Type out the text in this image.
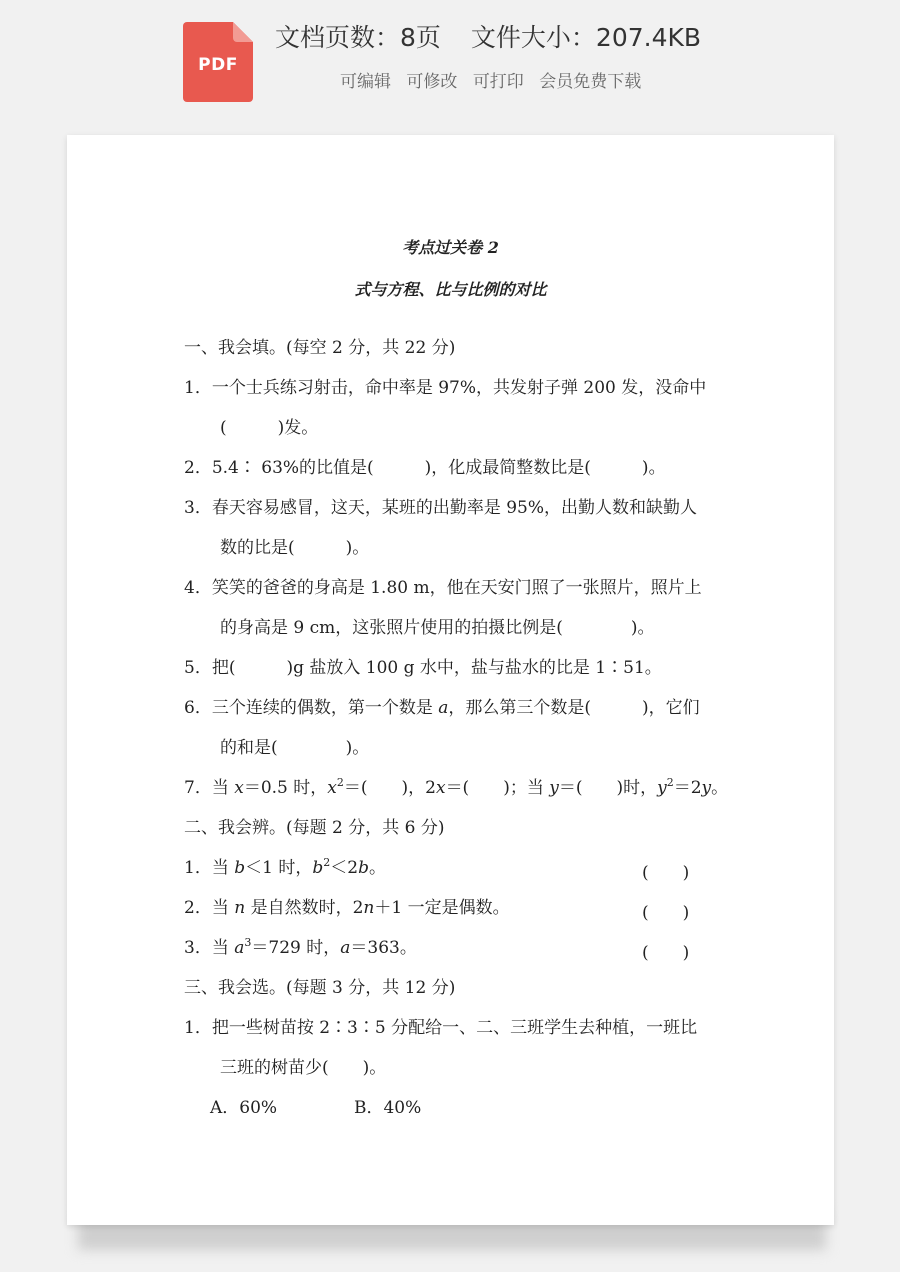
PDF
文档页数：8页 文件大小：207.4KB
可编辑 可修改 可打印 会员免费下载
考点过关卷 2
式与方程、比与比例的对比
一、我会填。(每空 2 分，共 22 分)
1．一个士兵练习射击，命中率是 97%，共发射子弹 200 发，没命中
(　　　)发。
2．5.4∶ 63%的比值是(　　　)，化成最简整数比是(　　　)。
3．春天容易感冒，这天，某班的出勤率是 95%，出勤人数和缺勤人
数的比是(　　　)。
4．笑笑的爸爸的身高是 1.80 m，他在天安门照了一张照片，照片上
的身高是 9 cm，这张照片使用的拍摄比例是(　　　　)。
5．把(　　　)g 盐放入 100 g 水中，盐与盐水的比是 1∶51。
6．三个连续的偶数，第一个数是 a，那么第三个数是(　　　)，它们
的和是(　　　　)。
7．当 x＝0.5 时，$x^2=$(　　)，2x＝(　　)；当 y＝(　　)时，$y^2=2y$。
二、我会辨。(每题 2 分，共 6 分)
1．当 b＜1 时，$b^2<2b$。	(　　)
2．当 n 是自然数时，2n＋1 一定是偶数。	(　　)
3．当 $a^3=729$ 时，a＝363。	(　　)
三、我会选。(每题 3 分，共 12 分)
1．把一些树苗按 2∶3∶5 分配给一、二、三班学生去种植，一班比
三班的树苗少(　　)。
A．60%	B．40%
